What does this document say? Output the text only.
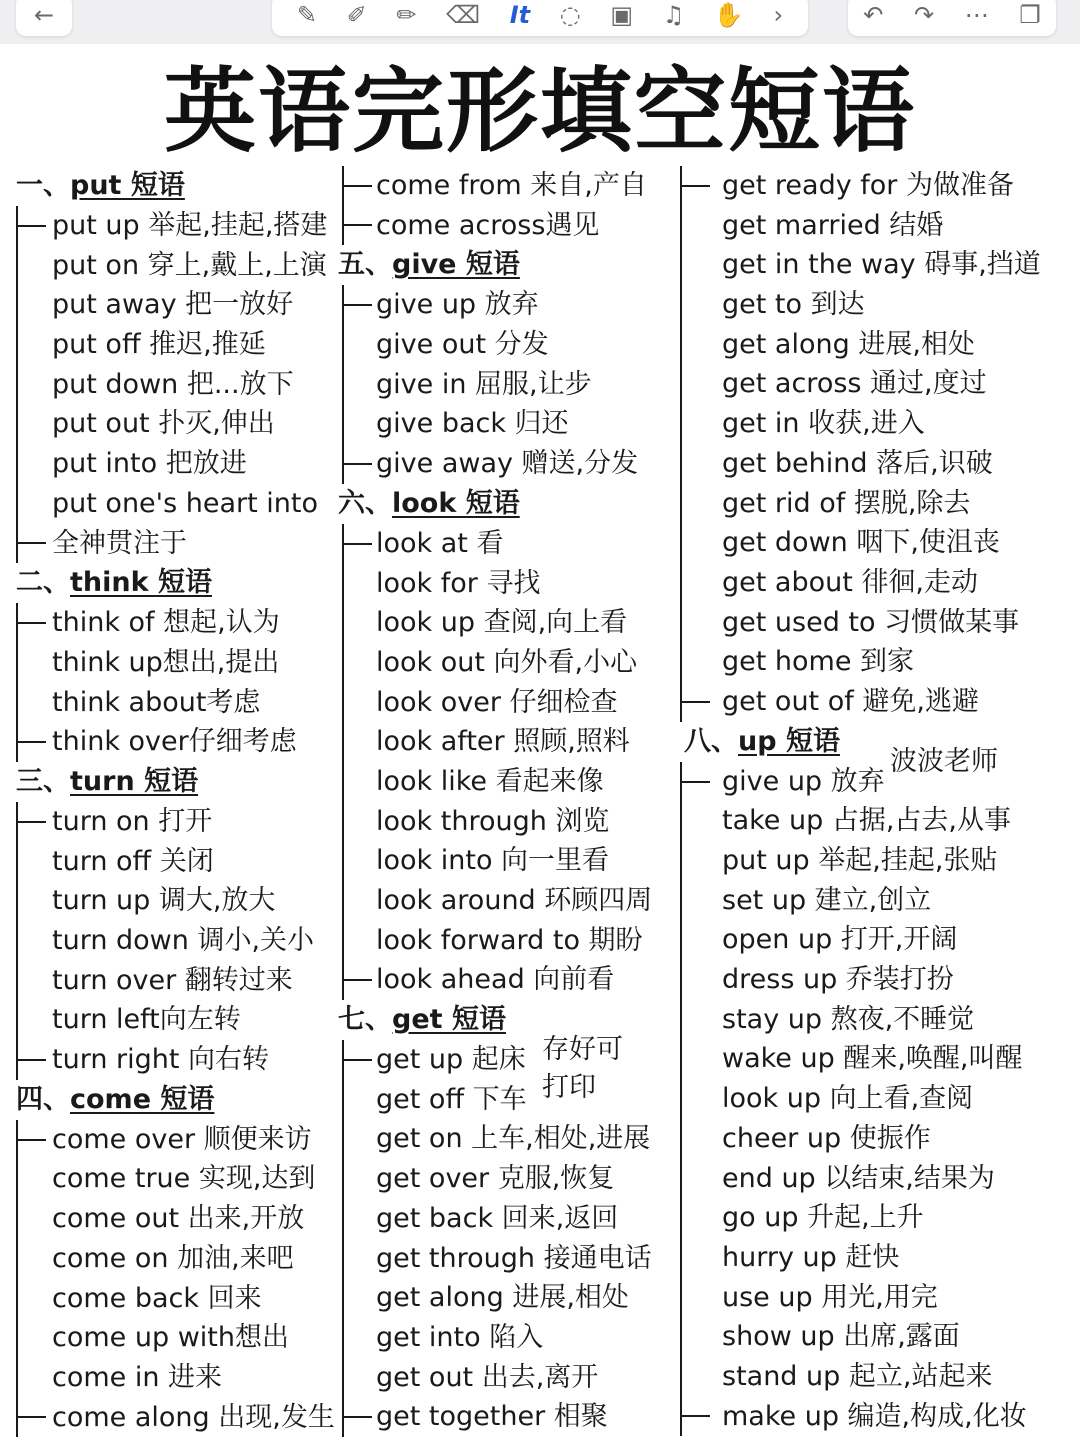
←	✎ ✐ ✏ ⌫ It ◌ ▣ ♫ ✋ ›	↶ ↷ ⋯ ❐
英语完形填空短语
一、put 短语
put up 举起,挂起,搭建
put on 穿上,戴上,上演
put away 把一放好
put off 推迟,推延
put down 把...放下
put out 扑灭,伸出
put into 把放进
put one's heart into
全神贯注于
二、think 短语
think of 想起,认为
think up想出,提出
think about考虑
think over仔细考虑
三、turn 短语
turn on 打开
turn off 关闭
turn up 调大,放大
turn down 调小,关小
turn over 翻转过来
turn left向左转
turn right 向右转
四、come 短语
come over 顺便来访
come true 实现,达到
come out 出来,开放
come on 加油,来吧
come back 回来
come up with想出
come in 进来
come along 出现,发生
come from 来自,产自
come across遇见
五、give 短语
give up 放弃
give out 分发
give in 屈服,让步
give back 归还
give away 赠送,分发
六、look 短语
look at 看
look for 寻找
look up 查阅,向上看
look out 向外看,小心
look over 仔细检查
look after 照顾,照料
look like 看起来像
look through 浏览
look into 向一里看
look around 环顾四周
look forward to 期盼
look ahead 向前看
七、get 短语
get up 起床
get off 下车
get on 上车,相处,进展
get over 克服,恢复
get back 回来,返回
get through 接通电话
get along 进展,相处
get into 陷入
get out 出去,离开
get together 相聚
get ready for 为做准备
get married 结婚
get in the way 碍事,挡道
get to 到达
get along 进展,相处
get across 通过,度过
get in 收获,进入
get behind 落后,识破
get rid of 摆脱,除去
get down 咽下,使沮丧
get about 徘徊,走动
get used to 习惯做某事
get home 到家
get out of 避免,逃避
八、up 短语
give up 放弃
take up 占据,占去,从事
put up 举起,挂起,张贴
set up 建立,创立
open up 打开,开阔
dress up 乔装打扮
stay up 熬夜,不睡觉
wake up 醒来,唤醒,叫醒
look up 向上看,查阅
cheer up 使振作
end up 以结束,结果为
go up 升起,上升
hurry up 赶快
use up 用光,用完
show up 出席,露面
stand up 起立,站起来
make up 编造,构成,化妆
存好可
打印
波波老师
